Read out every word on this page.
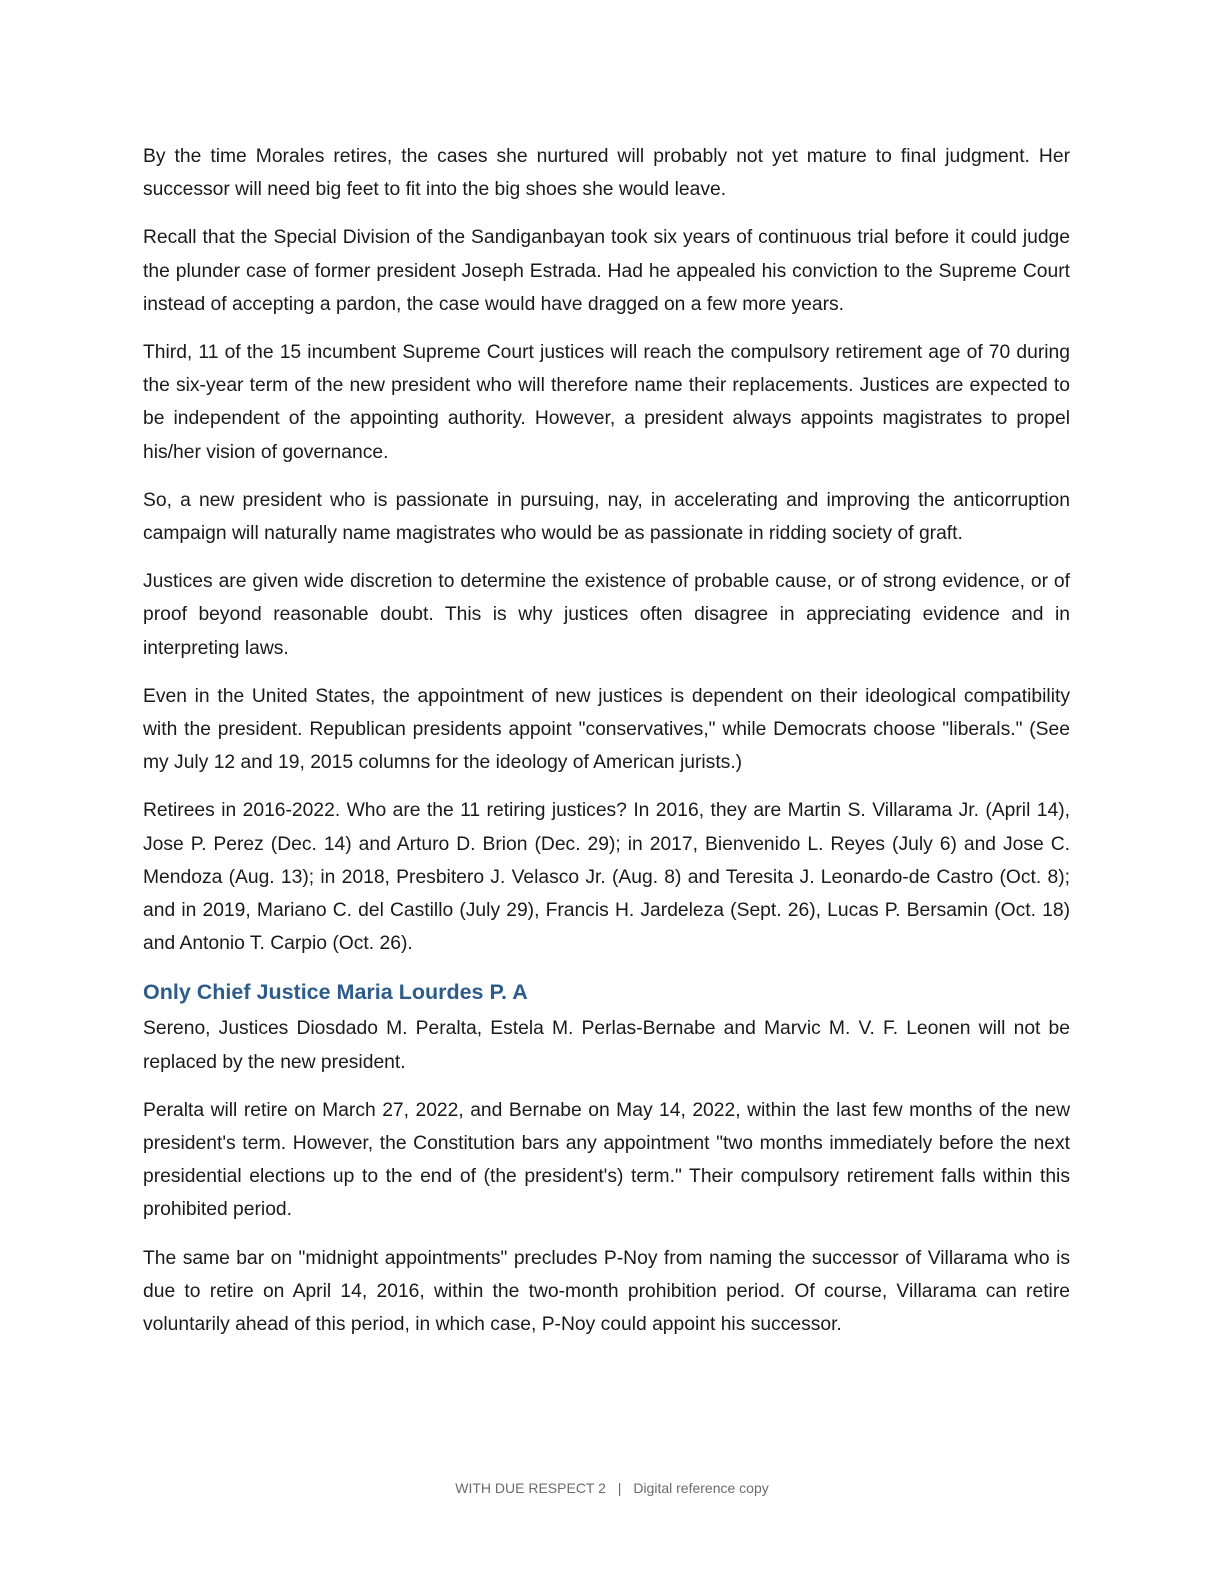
By the time Morales retires, the cases she nurtured will probably not yet mature to final judgment. Her successor will need big feet to fit into the big shoes she would leave.

Recall that the Special Division of the Sandiganbayan took six years of continuous trial before it could judge the plunder case of former president Joseph Estrada. Had he appealed his conviction to the Supreme Court instead of accepting a pardon, the case would have dragged on a few more years.

Third, 11 of the 15 incumbent Supreme Court justices will reach the compulsory retirement age of 70 during the six-year term of the new president who will therefore name their replacements. Justices are expected to be independent of the appointing authority. However, a president always appoints magistrates to propel his/her vision of governance.

So, a new president who is passionate in pursuing, nay, in accelerating and improving the anticorruption campaign will naturally name magistrates who would be as passionate in ridding society of graft.

Justices are given wide discretion to determine the existence of probable cause, or of strong evidence, or of proof beyond reasonable doubt. This is why justices often disagree in appreciating evidence and in interpreting laws.

Even in the United States, the appointment of new justices is dependent on their ideological compatibility with the president. Republican presidents appoint "conservatives," while Democrats choose "liberals." (See my July 12 and 19, 2015 columns for the ideology of American jurists.)

Retirees in 2016-2022. Who are the 11 retiring justices? In 2016, they are Martin S. Villarama Jr. (April 14), Jose P. Perez (Dec. 14) and Arturo D. Brion (Dec. 29); in 2017, Bienvenido L. Reyes (July 6) and Jose C. Mendoza (Aug. 13); in 2018, Presbitero J. Velasco Jr. (Aug. 8) and Teresita J. Leonardo-de Castro (Oct. 8); and in 2019, Mariano C. del Castillo (July 29), Francis H. Jardeleza (Sept. 26), Lucas P. Bersamin (Oct. 18) and Antonio T. Carpio (Oct. 26).

Only Chief Justice Maria Lourdes P. A

Sereno, Justices Diosdado M. Peralta, Estela M. Perlas-Bernabe and Marvic M. V. F. Leonen will not be replaced by the new president.

Peralta will retire on March 27, 2022, and Bernabe on May 14, 2022, within the last few months of the new president's term. However, the Constitution bars any appointment "two months immediately before the next presidential elections up to the end of (the president's) term." Their compulsory retirement falls within this prohibited period.

The same bar on "midnight appointments" precludes P-Noy from naming the successor of Villarama who is due to retire on April 14, 2016, within the two-month prohibition period. Of course, Villarama can retire voluntarily ahead of this period, in which case, P-Noy could appoint his successor.

WITH DUE RESPECT 2 | Digital reference copy
